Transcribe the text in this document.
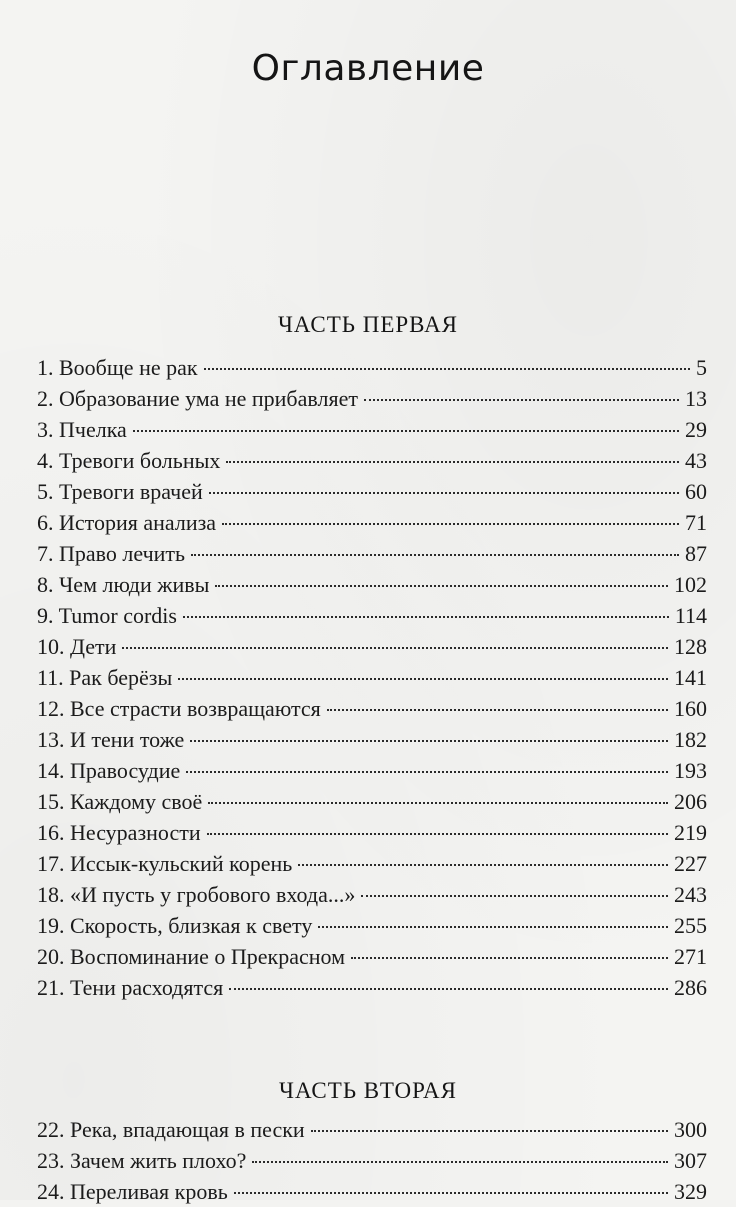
Оглавление
ЧАСТЬ ПЕРВАЯ
1. Вообще не рак	5
2. Образование ума не прибавляет	13
3. Пчелка	29
4. Тревоги больных	43
5. Тревоги врачей	60
6. История анализа	71
7. Право лечить	87
8. Чем люди живы	102
9. Tumor cordis	114
10. Дети	128
11. Рак берёзы	141
12. Все страсти возвращаются	160
13. И тени тоже	182
14. Правосудие	193
15. Каждому своё	206
16. Несуразности	219
17. Иссык-кульский корень	227
18. «И пусть у гробового входа...»	243
19. Скорость, близкая к свету	255
20. Воспоминание о Прекрасном	271
21. Тени расходятся	286
ЧАСТЬ ВТОРАЯ
22. Река, впадающая в пески	300
23. Зачем жить плохо?	307
24. Переливая кровь	329
